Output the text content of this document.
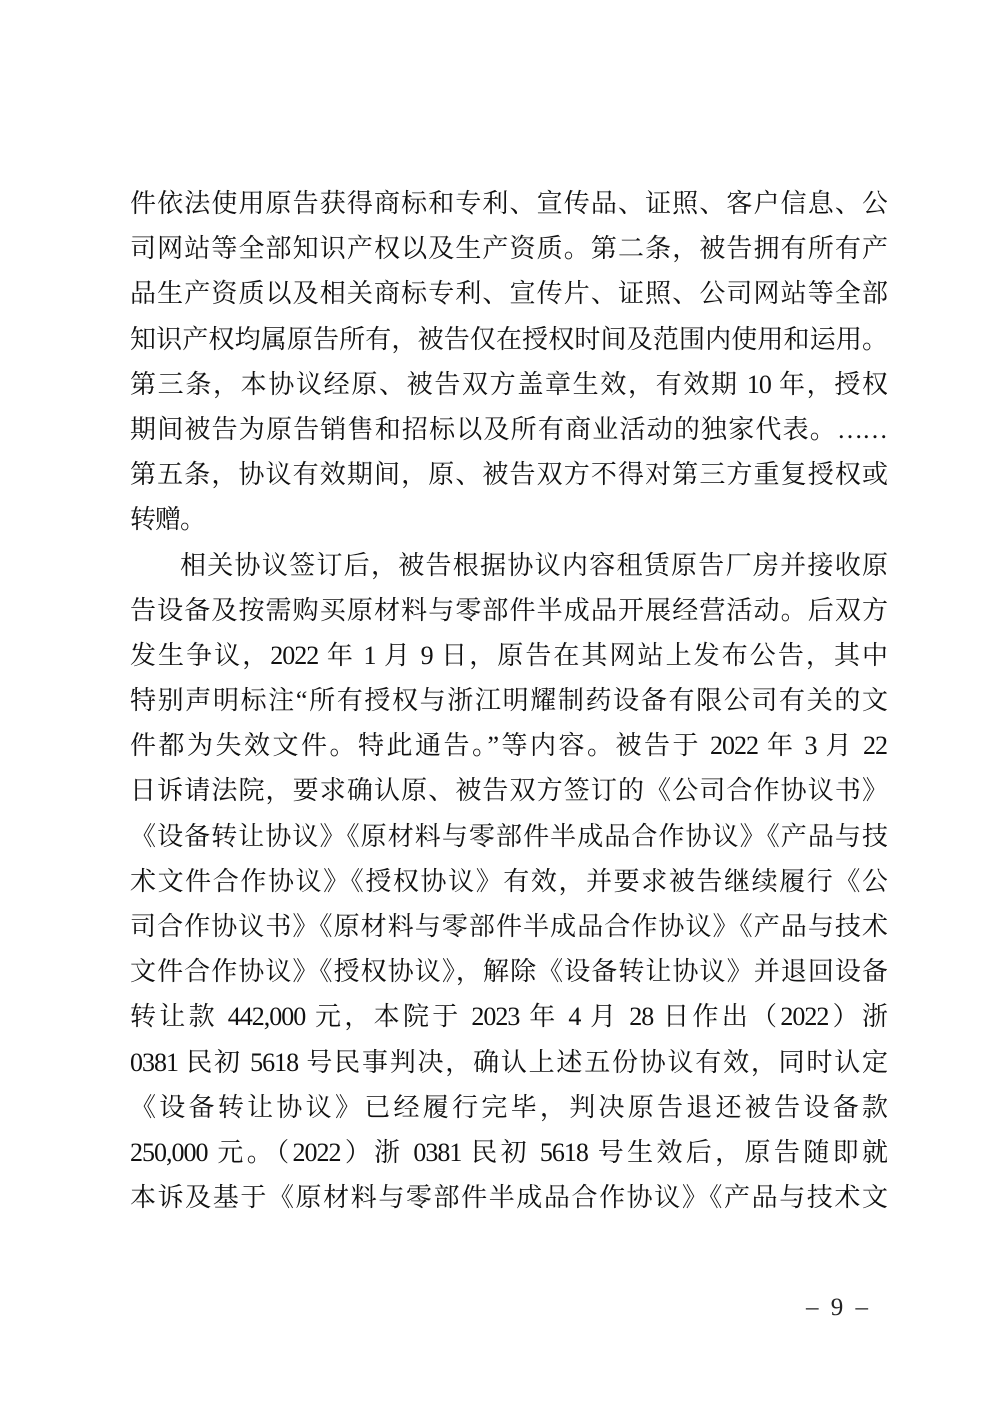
件依法使用原告获得商标和专利、宣传品、证照、客户信息、公
司网站等全部知识产权以及生产资质。第二条，被告拥有所有产
品生产资质以及相关商标专利、宣传片、证照、公司网站等全部
知识产权均属原告所有，被告仅在授权时间及范围内使用和运用。
第三条，本协议经原、被告双方盖章生效，有效期 10 年，授权
期间被告为原告销售和招标以及所有商业活动的独家代表。……
第五条，协议有效期间，原、被告双方不得对第三方重复授权或
转赠。
相关协议签订后，被告根据协议内容租赁原告厂房并接收原
告设备及按需购买原材料与零部件半成品开展经营活动。后双方
发生争议，2022 年 1 月 9 日，原告在其网站上发布公告，其中
特别声明标注“所有授权与浙江明耀制药设备有限公司有关的文
件都为失效文件。特此通告。”等内容。被告于 2022 年 3 月 22
日诉请法院，要求确认原、被告双方签订的《公司合作协议书》
《设备转让协议》《原材料与零部件半成品合作协议》《产品与技
术文件合作协议》《授权协议》有效，并要求被告继续履行《公
司合作协议书》《原材料与零部件半成品合作协议》《产品与技术
文件合作协议》《授权协议》，解除《设备转让协议》并退回设备
转让款 442,000 元，本院于 2023 年 4 月 28 日作出（2022）浙
0381 民初 5618 号民事判决，确认上述五份协议有效，同时认定
《设备转让协议》已经履行完毕，判决原告退还被告设备款
250,000 元。（2022）浙 0381 民初 5618 号生效后，原告随即就
本诉及基于《原材料与零部件半成品合作协议》《产品与技术文
– 9 –
